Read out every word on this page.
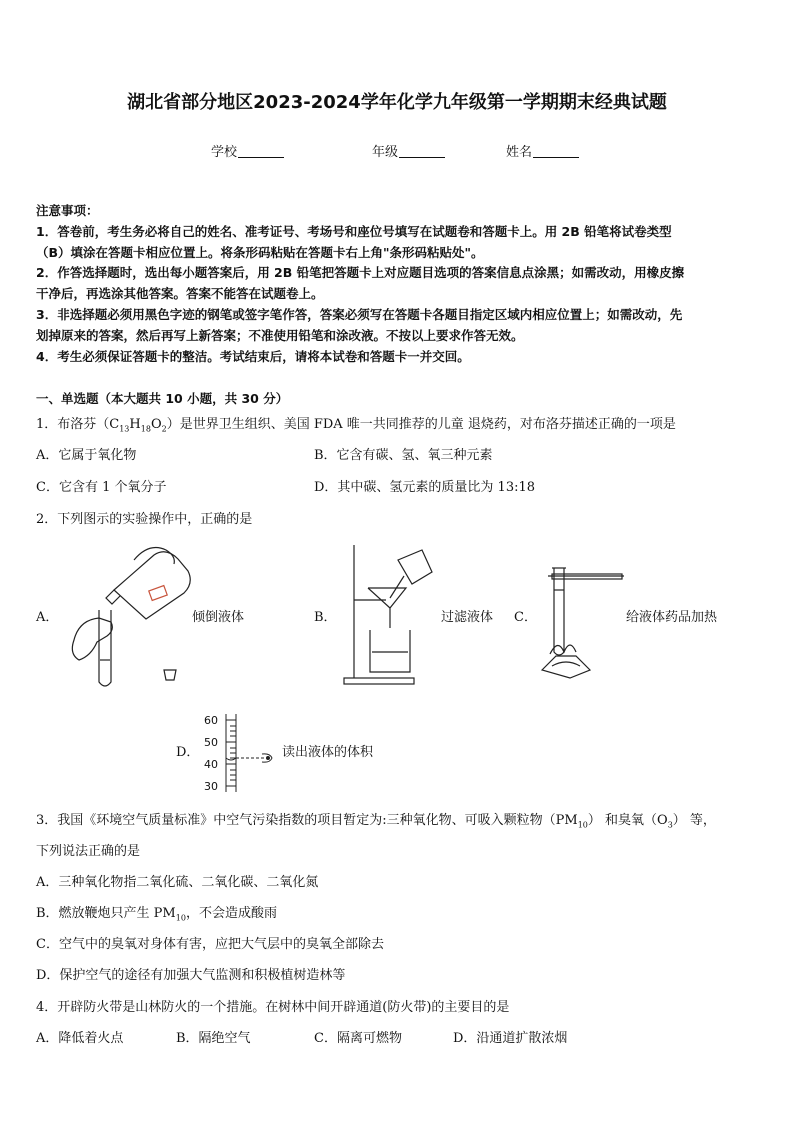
湖北省部分地区2023-2024学年化学九年级第一学期期末经典试题
学校	年级	姓名
注意事项：
1．答卷前，考生务必将自己的姓名、准考证号、考场号和座位号填写在试题卷和答题卡上。用 2B 铅笔将试卷类型
（B）填涂在答题卡相应位置上。将条形码粘贴在答题卡右上角"条形码粘贴处"。
2．作答选择题时，选出每小题答案后，用 2B 铅笔把答题卡上对应题目选项的答案信息点涂黑；如需改动，用橡皮擦
干净后，再选涂其他答案。答案不能答在试题卷上。
3．非选择题必须用黑色字迹的钢笔或签字笔作答，答案必须写在答题卡各题目指定区域内相应位置上；如需改动，先
划掉原来的答案，然后再写上新答案；不准使用铅笔和涂改液。不按以上要求作答无效。
4．考生必须保证答题卡的整洁。考试结束后，请将本试卷和答题卡一并交回。
一、单选题（本大题共 10 小题，共 30 分）
1．布洛芬$(C_{13}H_{18}O_2)$是世界卫生组织、美国 FDA 唯一共同推荐的儿童 退烧药，对布洛芬描述正确的一项是
A．它属于氧化物	B．它含有碳、氢、氧三种元素
C．它含有 1 个氧分子	D．其中碳、氢元素的质量比为 13:18
2．下列图示的实验操作中，正确的是
A．	倾倒液体	B．	过滤液体 C．	给液体药品加热
D．
60
50
40
30
读出液体的体积
3．我国《环境空气质量标准》中空气污染指数的项目暂定为:三种氧化物、可吸入颗粒物$(PM_{10})$ 和臭氧$(O_3)$ 等，
下列说法正确的是
A．三种氧化物指二氧化硫、二氧化碳、二氧化氮
B．燃放鞭炮只产生 $PM_{10}$，不会造成酸雨
C．空气中的臭氧对身体有害，应把大气层中的臭氧全部除去
D．保护空气的途径有加强大气监测和积极植树造林等
4．开辟防火带是山林防火的一个措施。在树林中间开辟通道(防火带)的主要目的是
A．降低着火点	B．隔绝空气	C．隔离可燃物	D．沿通道扩散浓烟
